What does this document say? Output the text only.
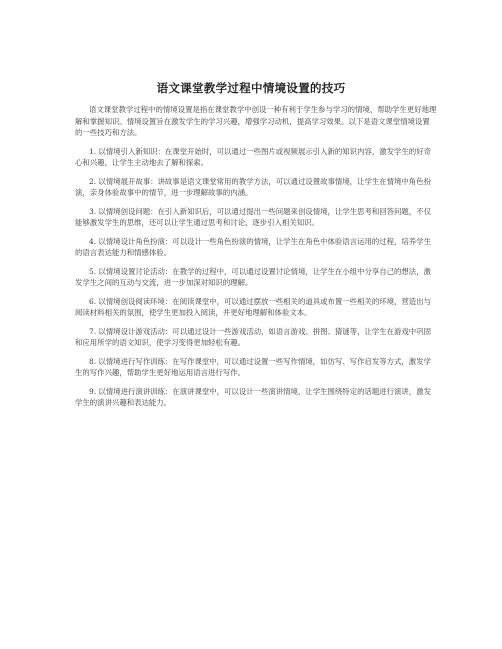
语文课堂教学过程中情境设置的技巧

语文课堂教学过程中的情境设置是指在课堂教学中创设一种有利于学生参与学习的情境，帮助学生更好地理解和掌握知识。情境设置旨在激发学生的学习兴趣，增强学习动机，提高学习效果。以下是语文课堂情境设置的一些技巧和方法。

1. 以情境引入新知识：在课堂开始时，可以通过一些图片或视频展示引入新的知识内容，激发学生的好奇心和兴趣，让学生主动地去了解和探索。

2. 以情境展开故事：讲故事是语文课堂常用的教学方法，可以通过设置故事情境，让学生在情境中角色扮演，亲身体验故事中的情节，进一步理解故事的内涵。

3. 以情境创设问题：在引入新知识后，可以通过提出一些问题来创设情境，让学生思考和回答问题，不仅能够激发学生的思维，还可以让学生通过思考和讨论，逐步引入相关知识。

4. 以情境设计角色扮演：可以设计一些角色扮演的情境，让学生在角色中体验语言运用的过程，培养学生的语言表达能力和情感体验。

5. 以情境设置讨论活动：在教学的过程中，可以通过设置讨论情境，让学生在小组中分享自己的想法，激发学生之间的互动与交流，进一步加深对知识的理解。

6. 以情境创设阅读环境：在阅读课堂中，可以通过摆放一些相关的道具或布置一些相关的环境，营造出与阅读材料相关的氛围，使学生更加投入阅读，并更好地理解和体验文本。

7. 以情境设计游戏活动：可以通过设计一些游戏活动，如语言游戏、拼图、猜谜等，让学生在游戏中巩固和应用所学的语文知识，使学习变得更加轻松有趣。

8. 以情境进行写作训练：在写作课堂中，可以通过设置一些写作情境，如仿写、写作启发等方式，激发学生的写作兴趣，帮助学生更好地运用语言进行写作。

9. 以情境进行演讲训练：在演讲课堂中，可以设计一些演讲情境，让学生围绕特定的话题进行演讲，激发学生的演讲兴趣和表达能力。
